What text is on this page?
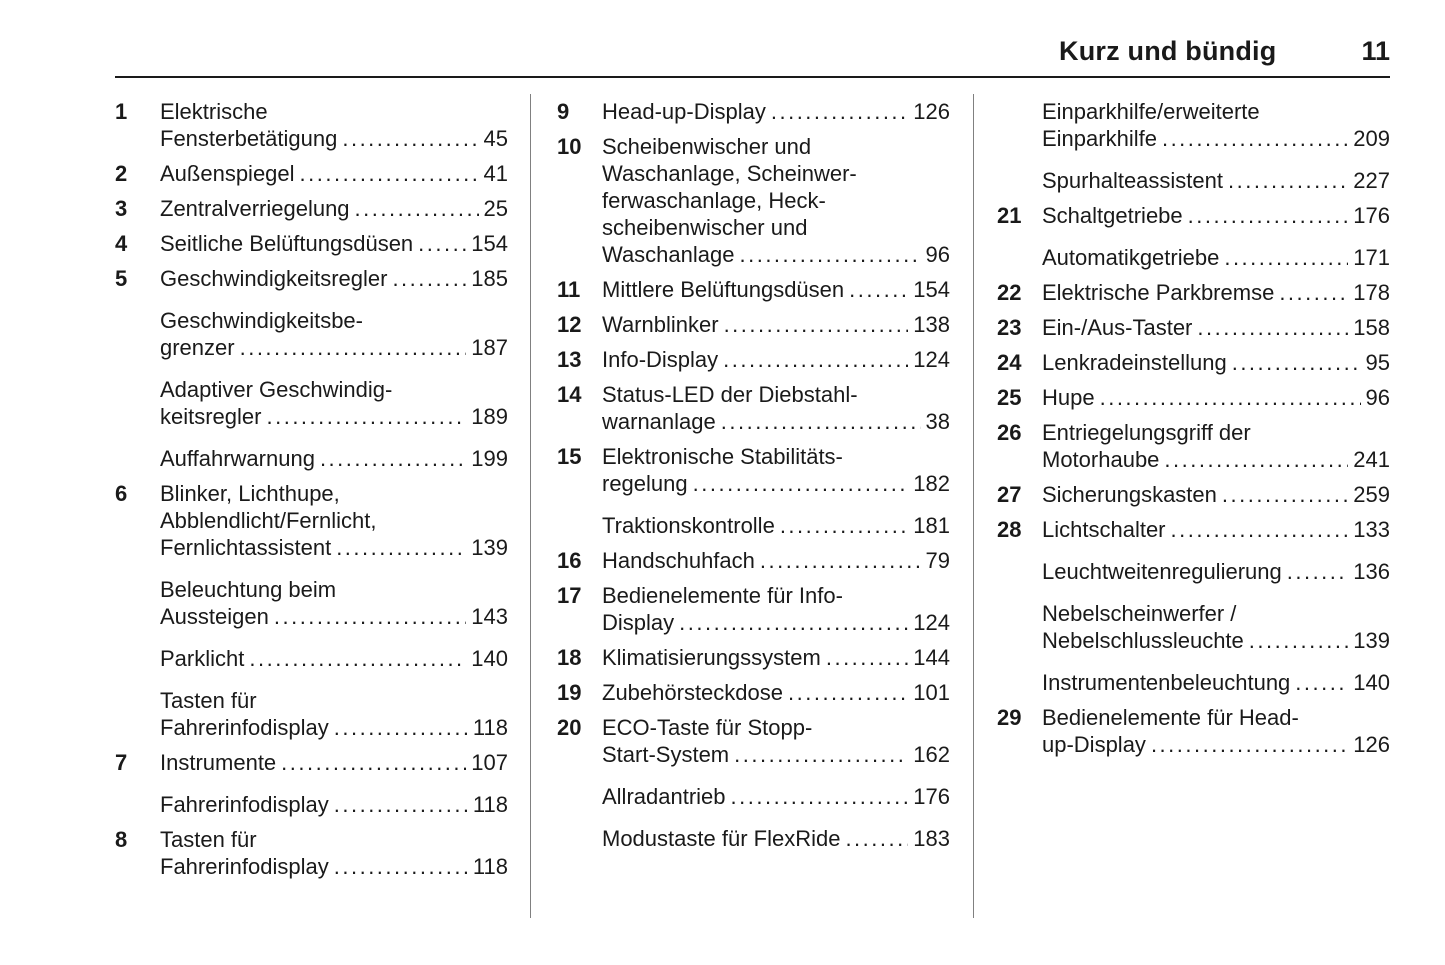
Kurz und bündig	11
1	Elektrische
Fensterbetätigung .....	45
2	Außenspiegel .....	41
3	Zentralverriegelung .....	25
4	Seitliche Belüftungsdüsen .....	154
5	Geschwindigkeitsregler .....	185
Geschwindigkeitsbe-
grenzer .....	187
Adaptiver Geschwindig-
keitsregler .....	189
Auffahrwarnung .....	199
6	Blinker, Lichthupe,
Abblendlicht/Fernlicht,
Fernlichtassistent .....	139
Beleuchtung beim
Aussteigen .....	143
Parklicht .....	140
Tasten für
Fahrerinfodisplay .....	118
7	Instrumente .....	107
Fahrerinfodisplay .....	118
8	Tasten für
Fahrerinfodisplay .....	118
9	Head-up-Display .....	126
10 Scheibenwischer und
Waschanlage, Scheinwer-
ferwaschanlage, Heck-
scheibenwischer und
Waschanlage .....	96
11 Mittlere Belüftungsdüsen .....	154
12 Warnblinker .....	138
13 Info-Display .....	124
14 Status-LED der Diebstahl-
warnanlage .....	38
15 Elektronische Stabilitäts-
regelung .....	182
Traktionskontrolle .....	181
16 Handschuhfach .....	79
17 Bedienelemente für Info-
Display .....	124
18 Klimatisierungssystem .....	144
19 Zubehörsteckdose .....	101
20 ECO-Taste für Stopp-
Start-System .....	162
Allradantrieb .....	176
Modustaste für FlexRide .....	183
Einparkhilfe/erweiterte
Einparkhilfe .....	209
Spurhalteassistent .....	227
21 Schaltgetriebe .....	176
Automatikgetriebe .....	171
22 Elektrische Parkbremse .....	178
23 Ein-/Aus-Taster .....	158
24 Lenkradeinstellung .....	95
25 Hupe .....	96
26 Entriegelungsgriff der
Motorhaube .....	241
27 Sicherungskasten .....	259
28 Lichtschalter .....	133
Leuchtweitenregulierung .....	136
Nebelscheinwerfer /
Nebelschlussleuchte .....	139
Instrumentenbeleuchtung .....	140
29 Bedienelemente für Head-
up-Display .....	126
